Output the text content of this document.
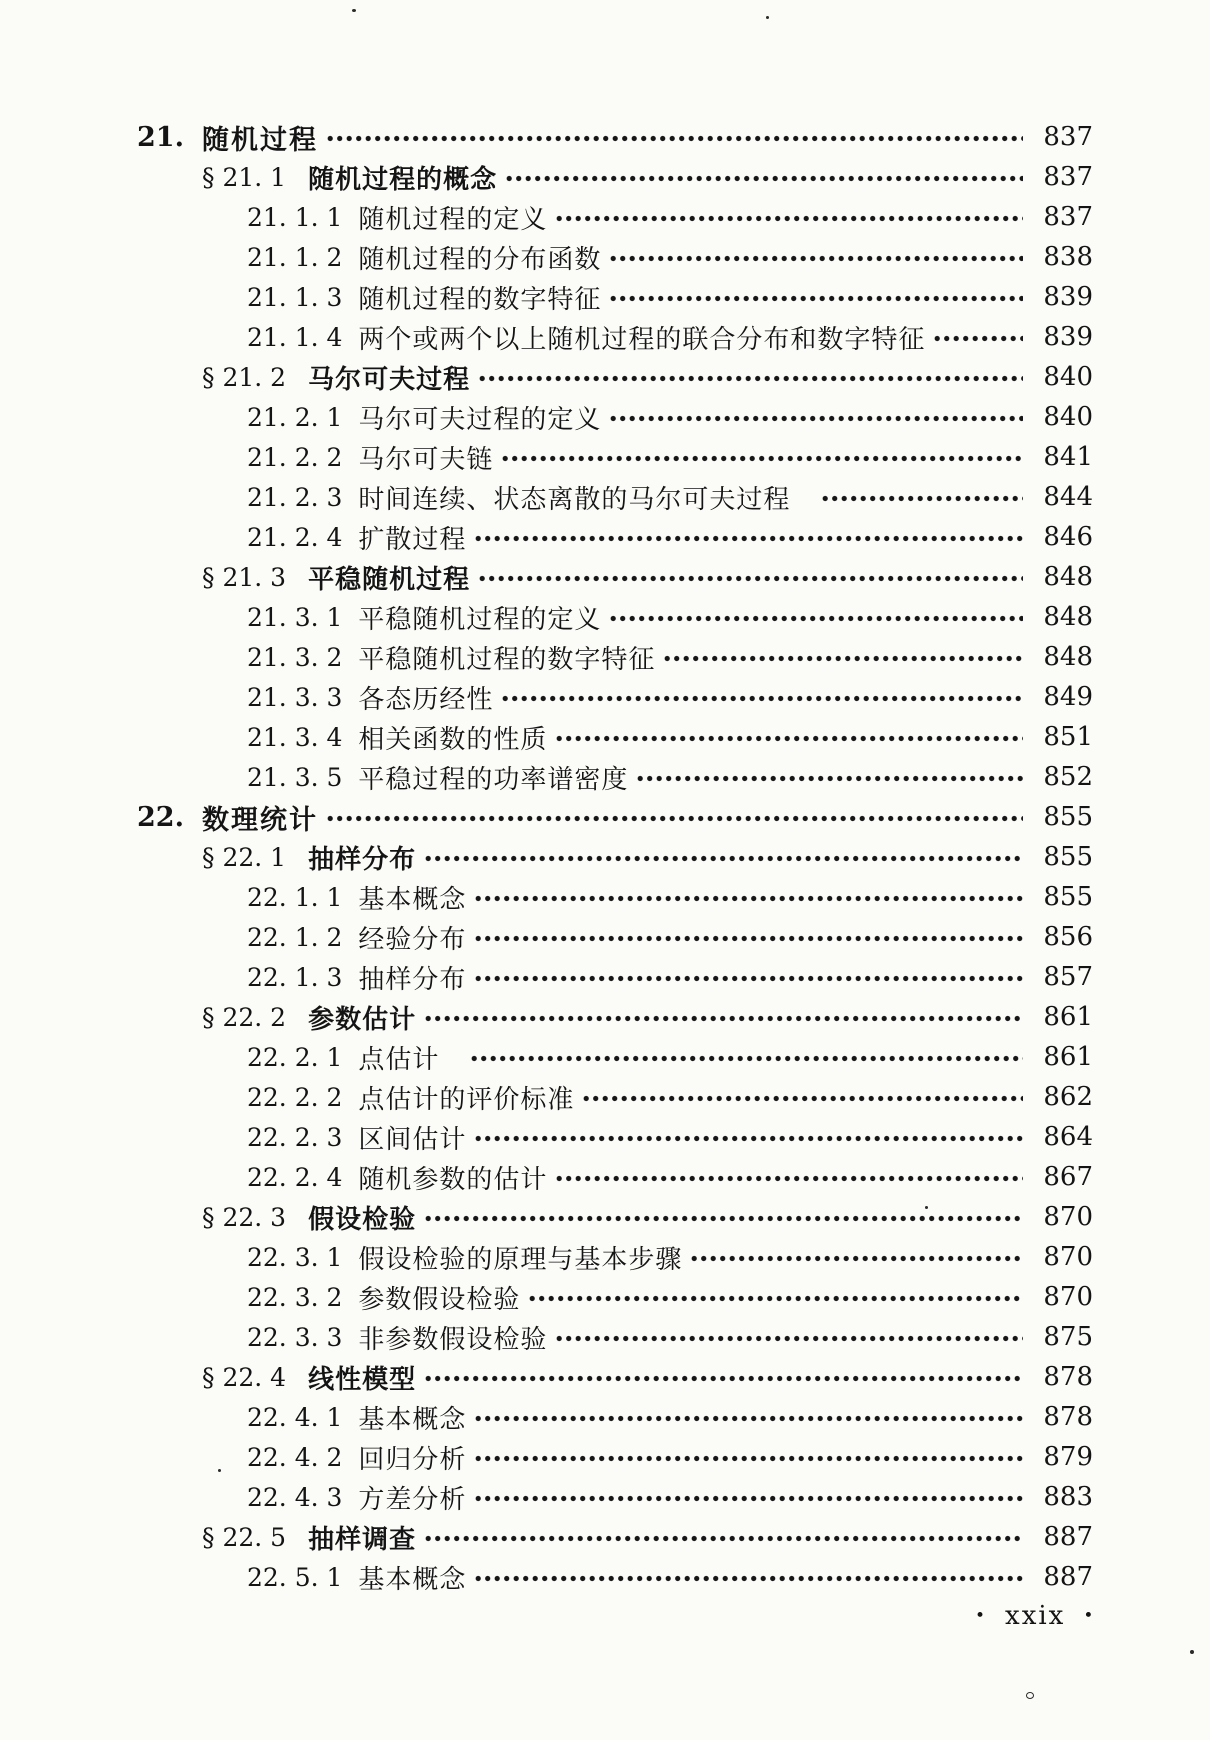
21. 随机过程	837
§ 21. 1 随机过程的概念	837
21. 1. 1 随机过程的定义	837
21. 1. 2 随机过程的分布函数	838
21. 1. 3 随机过程的数字特征	839
21. 1. 4 两个或两个以上随机过程的联合分布和数字特征	839
§ 21. 2 马尔可夫过程	840
21. 2. 1 马尔可夫过程的定义	840
21. 2. 2 马尔可夫链	841
21. 2. 3 时间连续、状态离散的马尔可夫过程	844
21. 2. 4 扩散过程	846
§ 21. 3 平稳随机过程	848
21. 3. 1 平稳随机过程的定义	848
21. 3. 2 平稳随机过程的数字特征	848
21. 3. 3 各态历经性	849
21. 3. 4 相关函数的性质	851
21. 3. 5 平稳过程的功率谱密度	852
22. 数理统计	855
§ 22. 1 抽样分布	855
22. 1. 1 基本概念	855
22. 1. 2 经验分布	856
22. 1. 3 抽样分布	857
§ 22. 2 参数估计	861
22. 2. 1 点估计	861
22. 2. 2 点估计的评价标准	862
22. 2. 3 区间估计	864
22. 2. 4 随机参数的估计	867
§ 22. 3 假设检验	870
22. 3. 1 假设检验的原理与基本步骤	870
22. 3. 2 参数假设检验	870
22. 3. 3 非参数假设检验	875
§ 22. 4 线性模型	878
22. 4. 1 基本概念	878
22. 4. 2 回归分析	879
22. 4. 3 方差分析	883
§ 22. 5 抽样调查	887
22. 5. 1 基本概念	887
• xxix •
